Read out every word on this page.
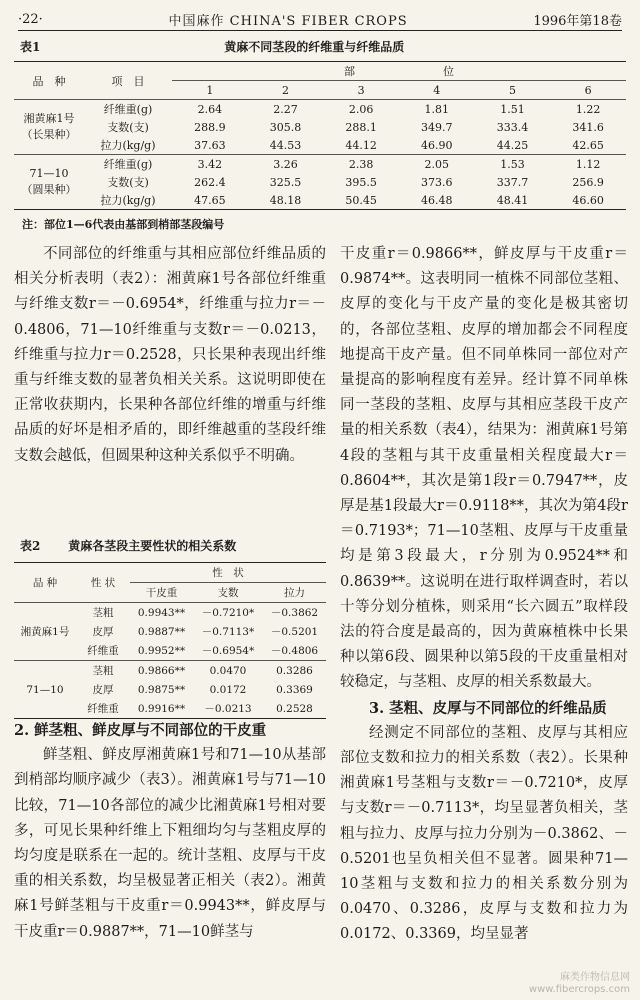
·22·	中国麻作 CHINA'S FIBER CROPS	1996年第18卷
表1	黄麻不同茎段的纤维重与纤维品质
品　种	项　目	部　　　　　　　　位					
		1	2	3	4	5	6

湘黄麻1号
（长果种）	纤维重(g)	2.64	2.27	2.06	1.81	1.51	1.22
	支数(支)	288.9	305.8	288.1	349.7	333.4	341.6
	拉力(kg/g)	37.63	44.53	44.12	46.90	44.25	42.65

71—10
（圆果种）	纤维重(g)	3.42	3.26	2.38	2.05	1.53	1.12
	支数(支)	262.4	325.5	395.5	373.6	337.7	256.9
	拉力(kg/g)	47.65	48.18	50.45	46.48	48.41	46.60
注：部位1—6代表由基部到梢部茎段编号

不同部位的纤维重与其相应部位纤维品质的相关分析表明（表2）：湘黄麻1号各部位纤维重与纤维支数r＝－0.6954*，纤维重与拉力r＝－0.4806，71—10纤维重与支数r＝－0.0213，纤维重与拉力r＝0.2528，只长果种表现出纤维重与纤维支数的显著负相关关系。这说明即使在正常收获期内，长果种各部位纤维的增重与纤维品质的好坏是相矛盾的，即纤维越重的茎段纤维支数会越低，但圆果种这种关系似乎不明确。

表2 黄麻各茎段主要性状的相关系数
品 种	性 状	性　状		
		干皮重	支数	拉力
湘黄麻1号	茎粗	0.9943**	－0.7210*	－0.3862
	皮厚	0.9887**	－0.7113*	－0.5201
	纤维重	0.9952**	－0.6954*	－0.4806
71—10	茎粗	0.9866**	0.0470	0.3286
	皮厚	0.9875**	0.0172	0.3369
	纤维重	0.9916**	－0.0213	0.2528

2. 鲜茎粗、鲜皮厚与不同部位的干皮重

鲜茎粗、鲜皮厚湘黄麻1号和71—10从基部到梢部均顺序减少（表3）。湘黄麻1号与71—10比较，71—10各部位的减少比湘黄麻1号相对要多，可见长果种纤维上下粗细均匀与茎粗皮厚的均匀度是联系在一起的。统计茎粗、皮厚与干皮重的相关系数，均呈极显著正相关（表2）。湘黄麻1号鲜茎粗与干皮重r＝0.9943**，鲜皮厚与干皮重r＝0.9887**，71—10鲜茎与

干皮重r＝0.9866**，鲜皮厚与干皮重r＝0.9874**。这表明同一植株不同部位茎粗、皮厚的变化与干皮产量的变化是极其密切的，各部位茎粗、皮厚的增加都会不同程度地提高干皮产量。但不同单株同一部位对产量提高的影响程度有差异。经计算不同单株同一茎段的茎粗、皮厚与其相应茎段干皮产量的相关系数（表4），结果为：湘黄麻1号第4段的茎粗与其干皮重量相关程度最大r＝0.8604**，其次是第1段r＝0.7947**，皮厚是基1段最大r＝0.9118**，其次为第4段r＝0.7193*；71—10茎粗、皮厚与干皮重量均是第3段最大，r分别为0.9524**和0.8639**。这说明在进行取样调查时，若以十等分划分植株，则采用“长六圆五”取样段法的符合度是最高的，因为黄麻植株中长果种以第6段、圆果种以第5段的干皮重量相对较稳定，与茎粗、皮厚的相关系数最大。

3. 茎粗、皮厚与不同部位的纤维品质

经测定不同部位的茎粗、皮厚与其相应部位支数和拉力的相关系数（表2）。长果种湘黄麻1号茎粗与支数r＝－0.7210*，皮厚与支数r＝－0.7113*，均呈显著负相关，茎粗与拉力、皮厚与拉力分别为－0.3862、－0.5201也呈负相关但不显著。圆果种71—10茎粗与支数和拉力的相关系数分别为0.0470、0.3286，皮厚与支数和拉力为0.0172、0.3369，均呈显著

麻类作物信息网
www.fibercrops.com
